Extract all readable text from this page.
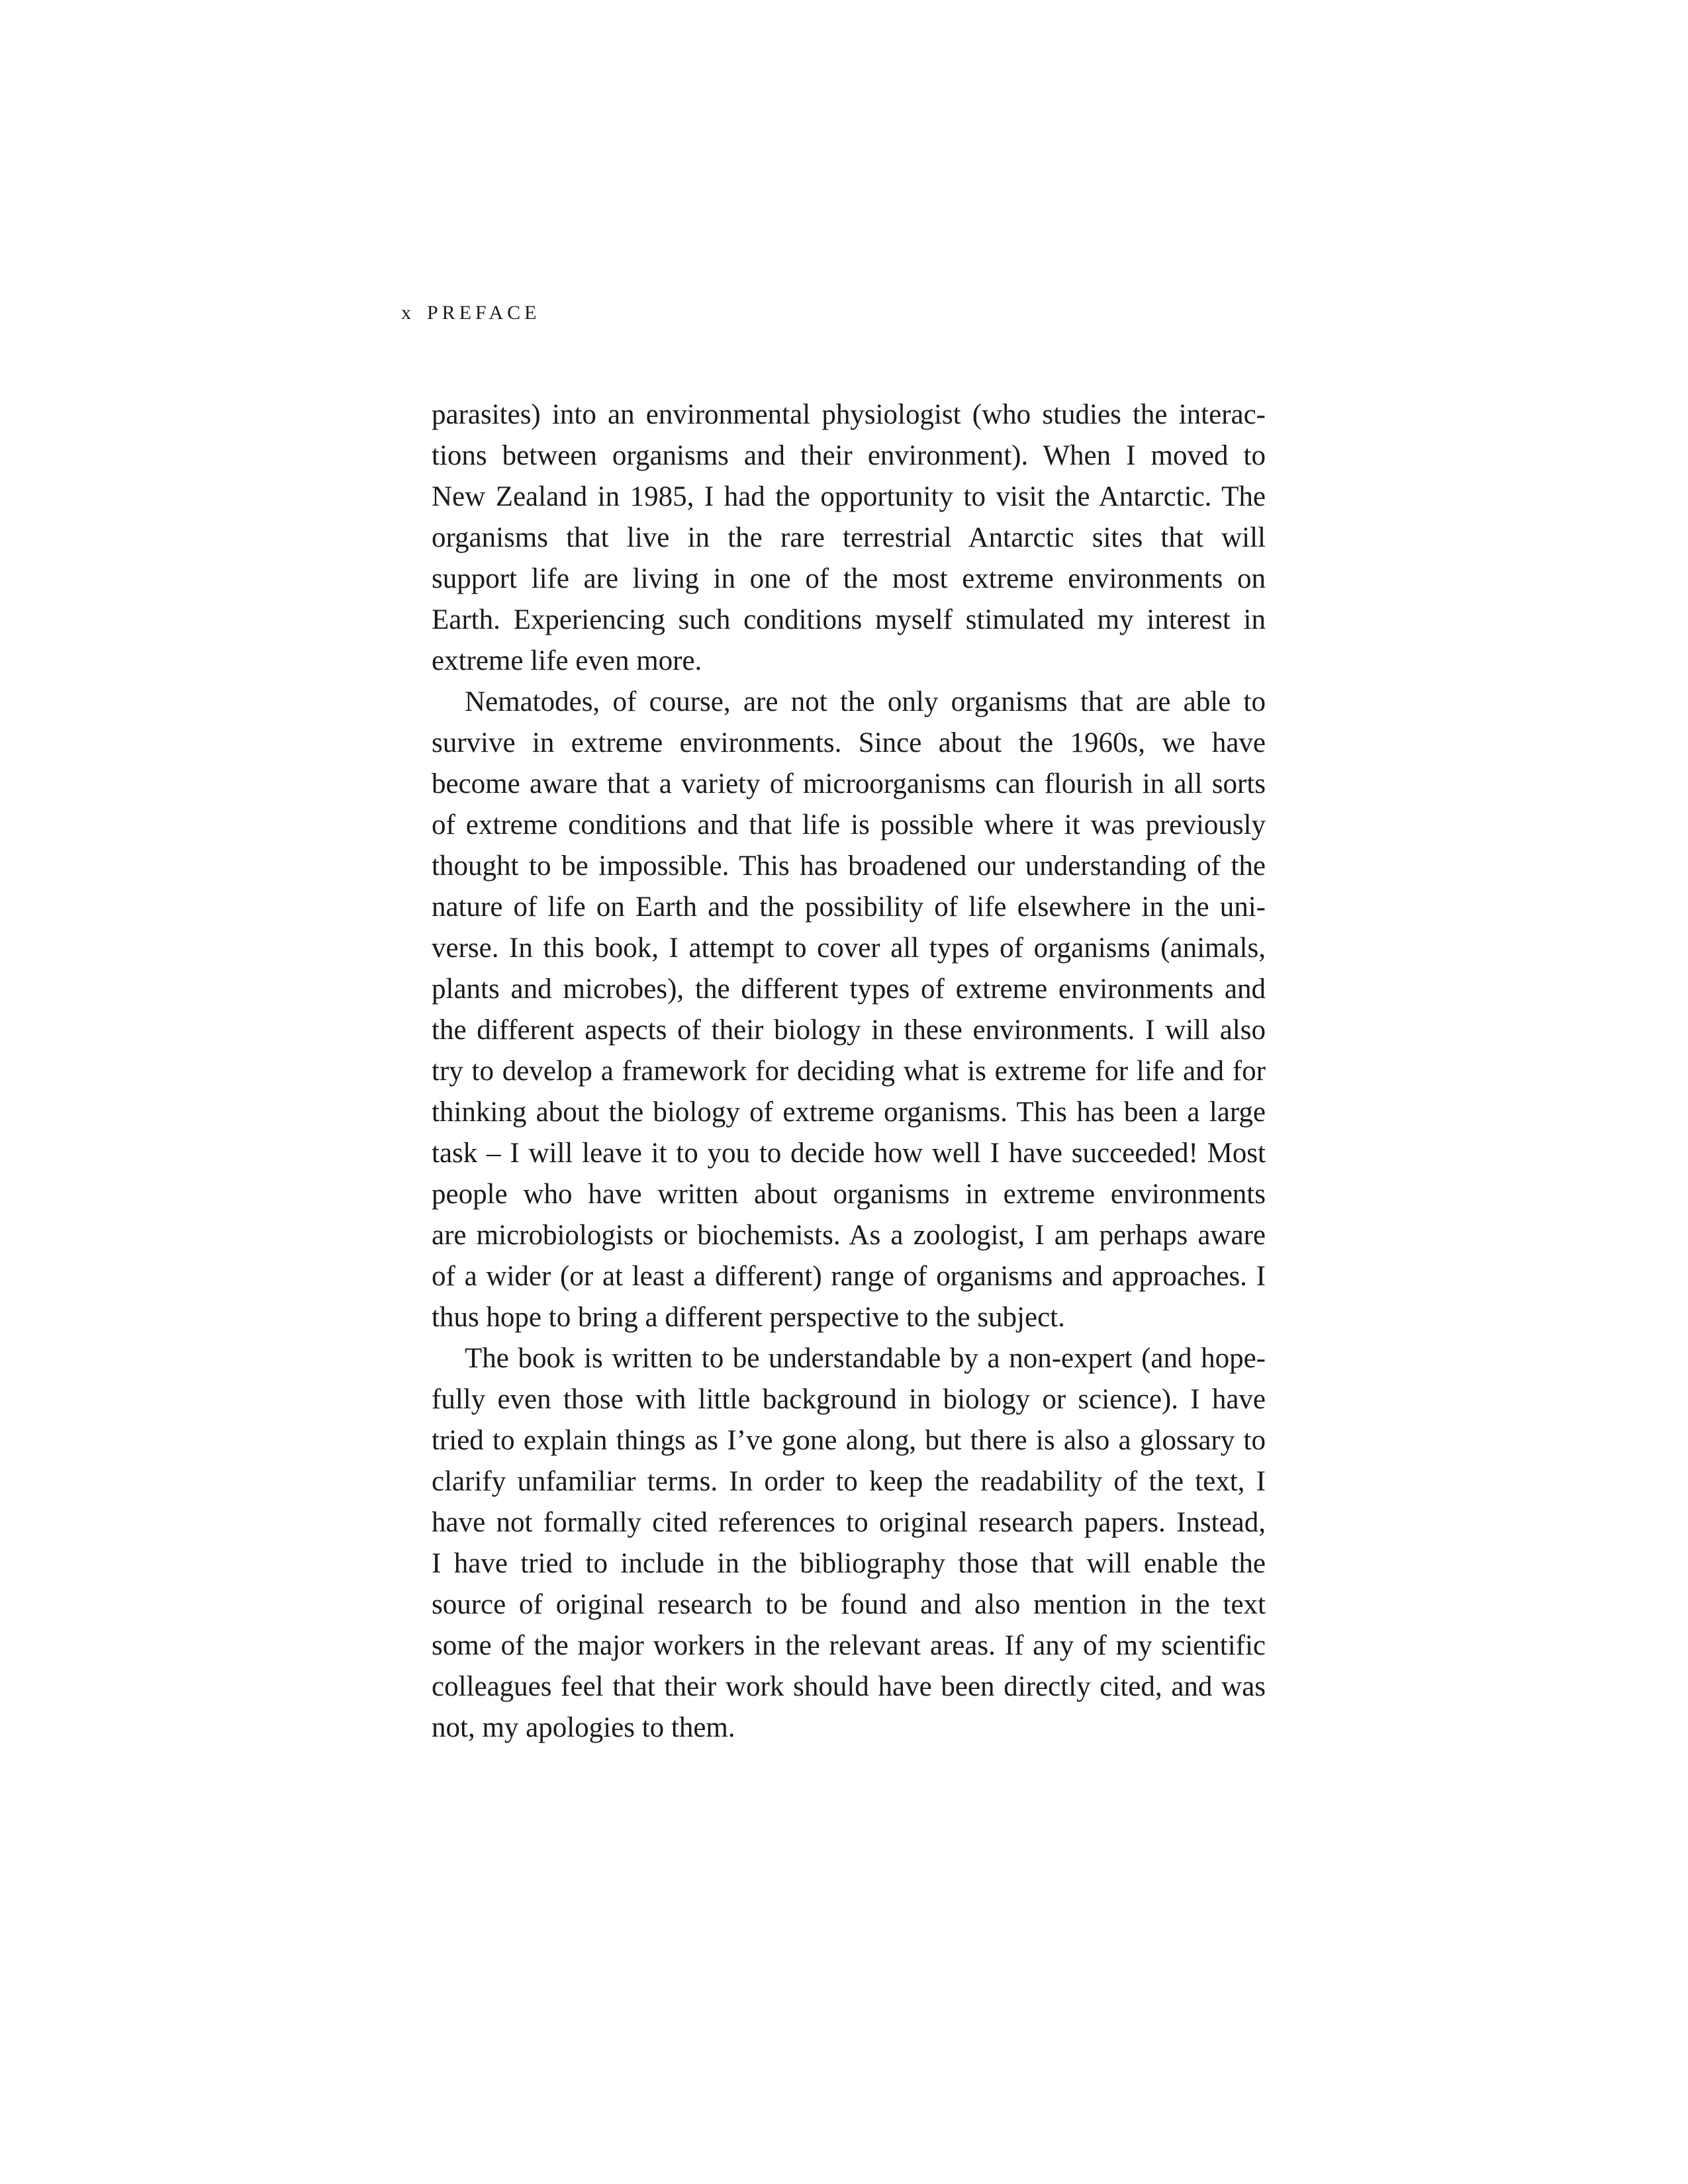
x PREFACE
parasites) into an environmental physiologist (who studies the interac-
tions between organisms and their environment). When I moved to
New Zealand in 1985, I had the opportunity to visit the Antarctic. The
organisms that live in the rare terrestrial Antarctic sites that will
support life are living in one of the most extreme environments on
Earth. Experiencing such conditions myself stimulated my interest in
extreme life even more.
Nematodes, of course, are not the only organisms that are able to
survive in extreme environments. Since about the 1960s, we have
become aware that a variety of microorganisms can flourish in all sorts
of extreme conditions and that life is possible where it was previously
thought to be impossible. This has broadened our understanding of the
nature of life on Earth and the possibility of life elsewhere in the uni-
verse. In this book, I attempt to cover all types of organisms (animals,
plants and microbes), the different types of extreme environments and
the different aspects of their biology in these environments. I will also
try to develop a framework for deciding what is extreme for life and for
thinking about the biology of extreme organisms. This has been a large
task – I will leave it to you to decide how well I have succeeded! Most
people who have written about organisms in extreme environments
are microbiologists or biochemists. As a zoologist, I am perhaps aware
of a wider (or at least a different) range of organisms and approaches. I
thus hope to bring a different perspective to the subject.
The book is written to be understandable by a non-expert (and hope-
fully even those with little background in biology or science). I have
tried to explain things as I’ve gone along, but there is also a glossary to
clarify unfamiliar terms. In order to keep the readability of the text, I
have not formally cited references to original research papers. Instead,
I have tried to include in the bibliography those that will enable the
source of original research to be found and also mention in the text
some of the major workers in the relevant areas. If any of my scientific
colleagues feel that their work should have been directly cited, and was
not, my apologies to them.
